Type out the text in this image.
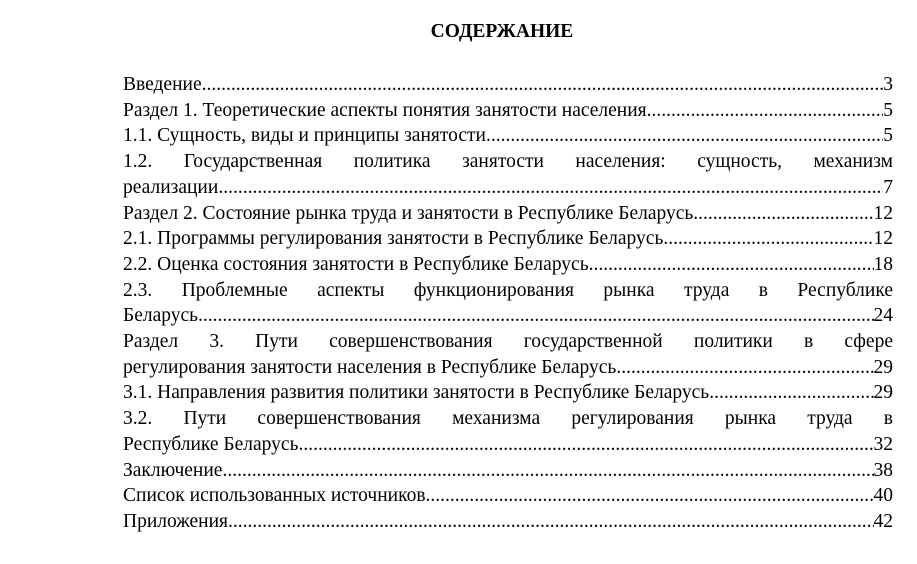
СОДЕРЖАНИЕ
Введение .....	3
Раздел 1. Теоретические аспекты понятия занятости населения .....	5
1.1. Сущность, виды и принципы занятости .....	5
1.2. Государственная политика занятости населения: сущность, механизм
реализации .....	7
Раздел 2. Состояние рынка труда и занятости в Республике Беларусь .....	12
2.1. Программы регулирования занятости в Республике Беларусь .....	12
2.2. Оценка состояния занятости в Республике Беларусь .....	18
2.3. Проблемные аспекты функционирования рынка труда в Республике
Беларусь .....	24
Раздел 3. Пути совершенствования государственной политики в сфере
регулирования занятости населения в Республике Беларусь .....	29
3.1. Направления развития политики занятости в Республике Беларусь .....	29
3.2. Пути совершенствования механизма регулирования рынка труда в
Республике Беларусь .....	32
Заключение .....	38
Список использованных источников .....	40
Приложения .....	42
